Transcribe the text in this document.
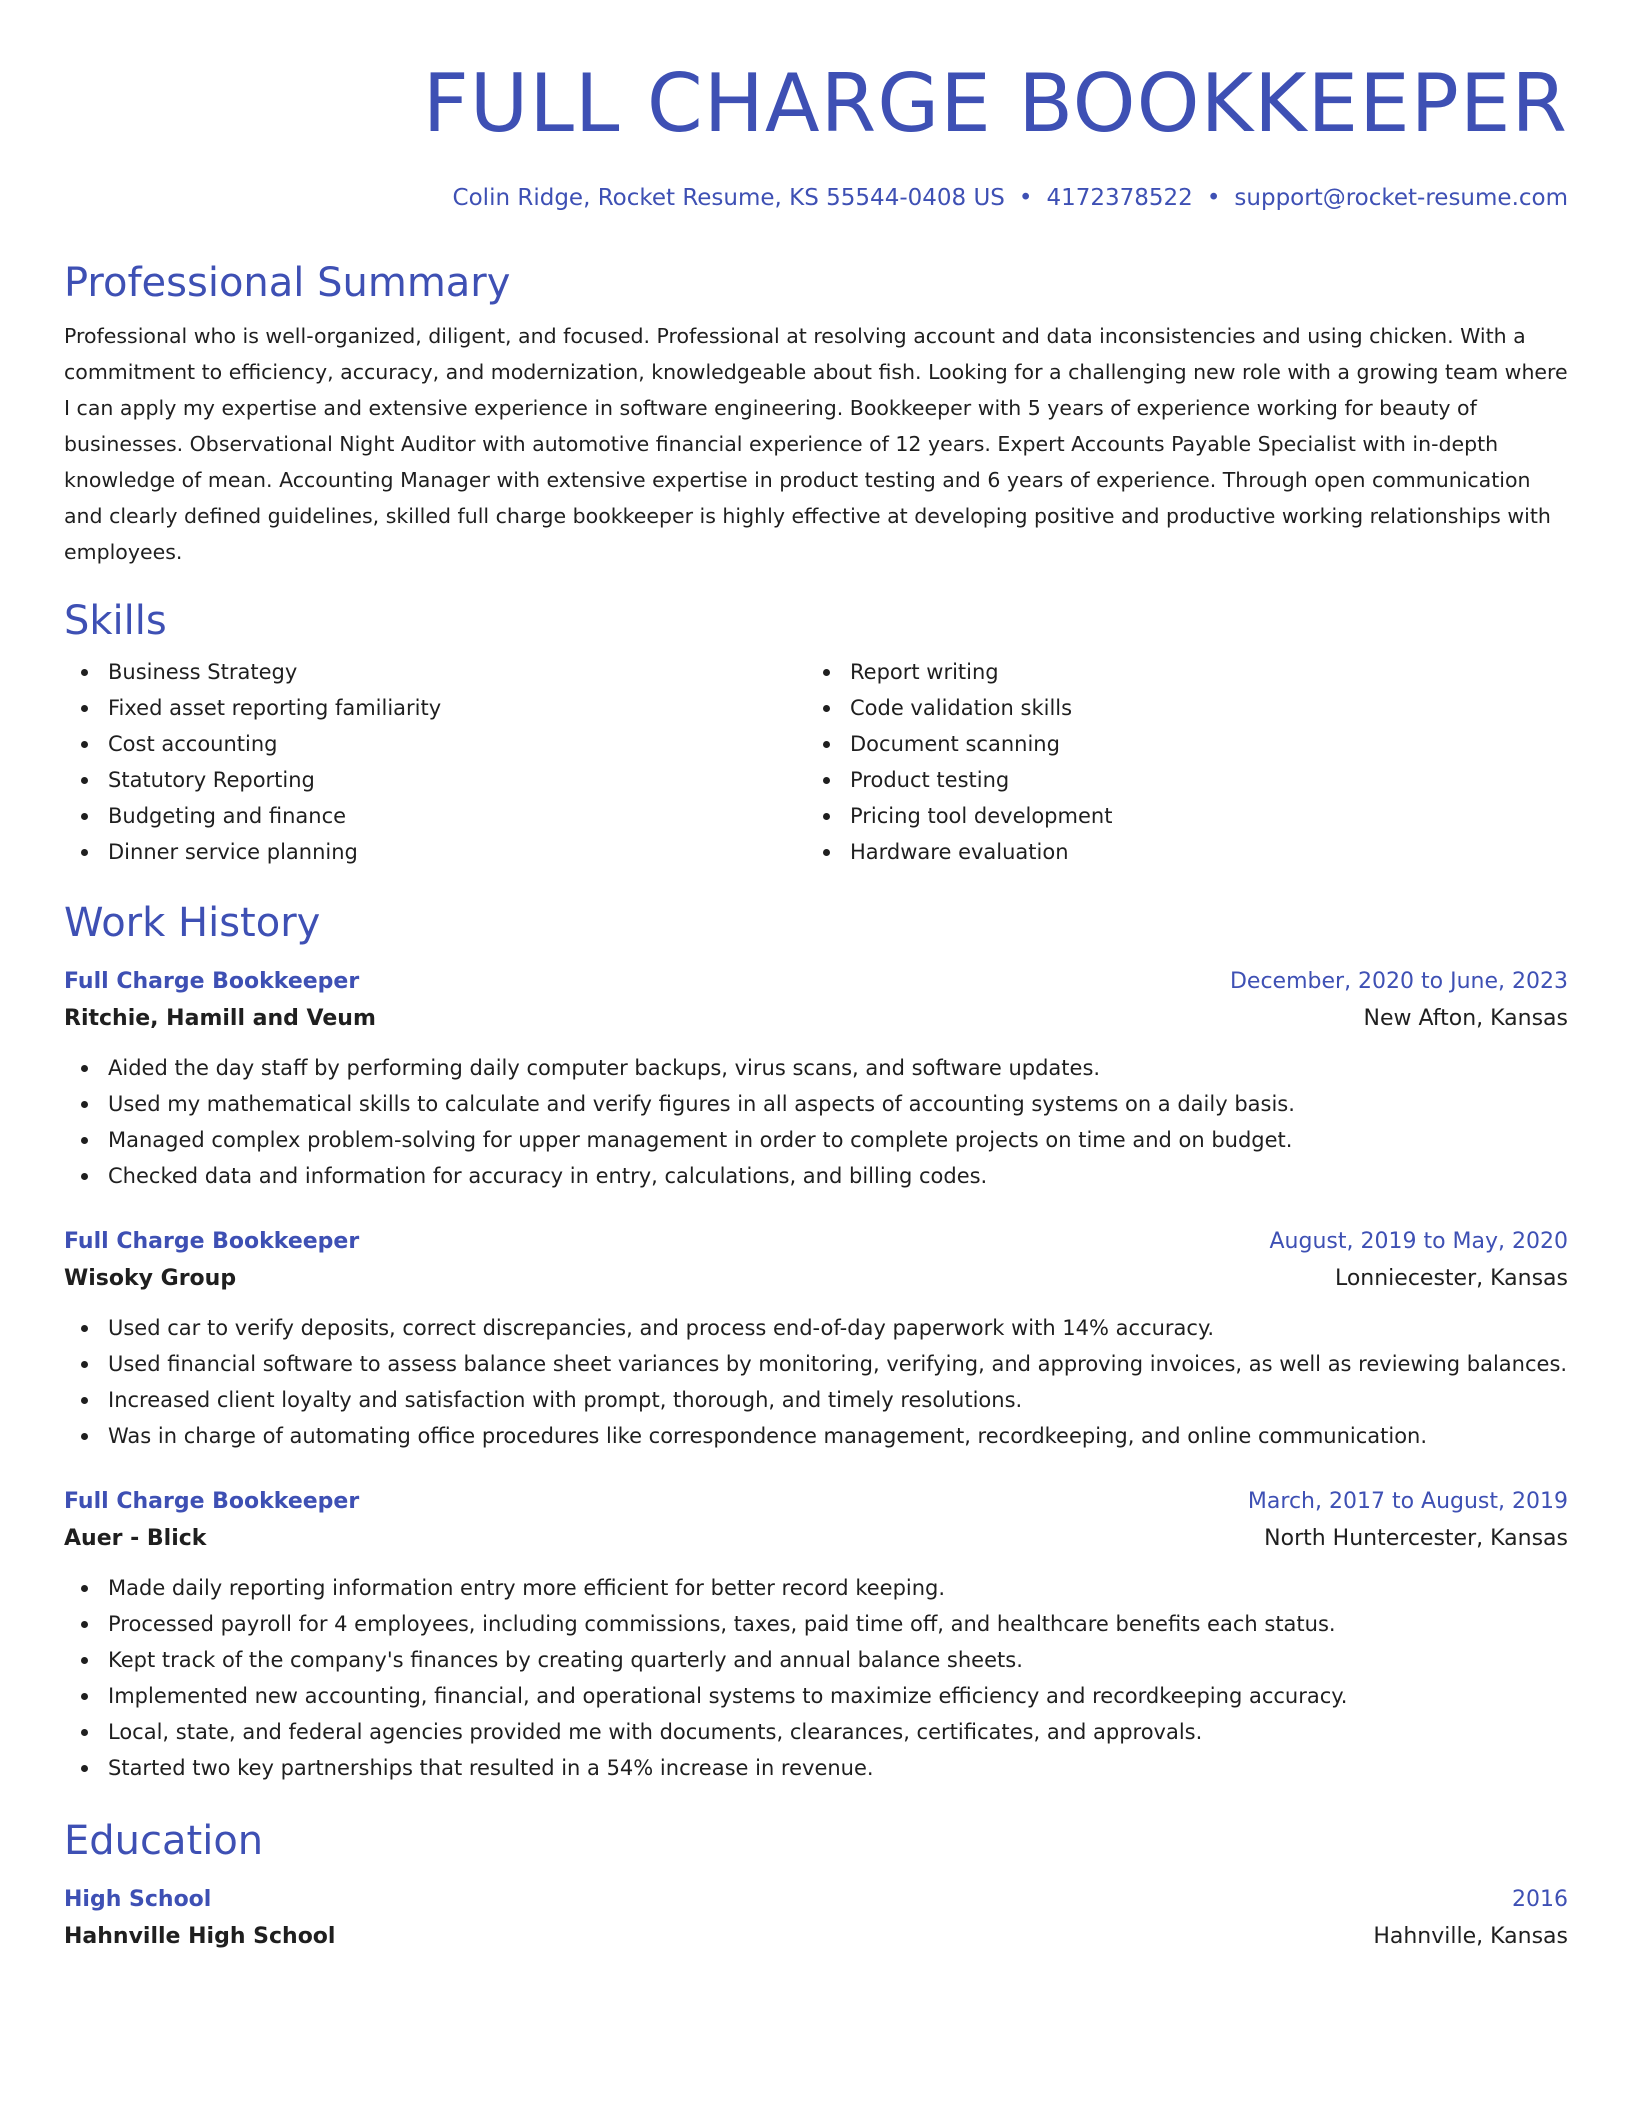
FULL CHARGE BOOKKEEPER
Colin Ridge, Rocket Resume, KS 55544-0408 US • 4172378522 • support@rocket-resume.com
Professional Summary

Professional who is well-organized, diligent, and focused. Professional at resolving account and data inconsistencies and using chicken. With a commitment to efficiency, accuracy, and modernization, knowledgeable about fish. Looking for a challenging new role with a growing team where I can apply my expertise and extensive experience in software engineering. Bookkeeper with 5 years of experience working for beauty of businesses. Observational Night Auditor with automotive financial experience of 12 years. Expert Accounts Payable Specialist with in-depth knowledge of mean. Accounting Manager with extensive expertise in product testing and 6 years of experience. Through open communication and clearly defined guidelines, skilled full charge bookkeeper is highly effective at developing positive and productive working relationships with employees.

Skills
Business Strategy
Fixed asset reporting familiarity
Cost accounting
Statutory Reporting
Budgeting and finance
Dinner service planning
Report writing
Code validation skills
Document scanning
Product testing
Pricing tool development
Hardware evaluation
Work History
Full Charge Bookkeeper	December, 2020 to June, 2023
Ritchie, Hamill and Veum	New Afton, Kansas
Aided the day staff by performing daily computer backups, virus scans, and software updates.
Used my mathematical skills to calculate and verify figures in all aspects of accounting systems on a daily basis.
Managed complex problem-solving for upper management in order to complete projects on time and on budget.
Checked data and information for accuracy in entry, calculations, and billing codes.
Full Charge Bookkeeper	August, 2019 to May, 2020
Wisoky Group	Lonniecester, Kansas
Used car to verify deposits, correct discrepancies, and process end-of-day paperwork with 14% accuracy.
Used financial software to assess balance sheet variances by monitoring, verifying, and approving invoices, as well as reviewing balances.
Increased client loyalty and satisfaction with prompt, thorough, and timely resolutions.
Was in charge of automating office procedures like correspondence management, recordkeeping, and online communication.
Full Charge Bookkeeper	March, 2017 to August, 2019
Auer - Blick	North Huntercester, Kansas
Made daily reporting information entry more efficient for better record keeping.
Processed payroll for 4 employees, including commissions, taxes, paid time off, and healthcare benefits each status.
Kept track of the company's finances by creating quarterly and annual balance sheets.
Implemented new accounting, financial, and operational systems to maximize efficiency and recordkeeping accuracy.
Local, state, and federal agencies provided me with documents, clearances, certificates, and approvals.
Started two key partnerships that resulted in a 54% increase in revenue.
Education
High School	2016
Hahnville High School	Hahnville, Kansas
